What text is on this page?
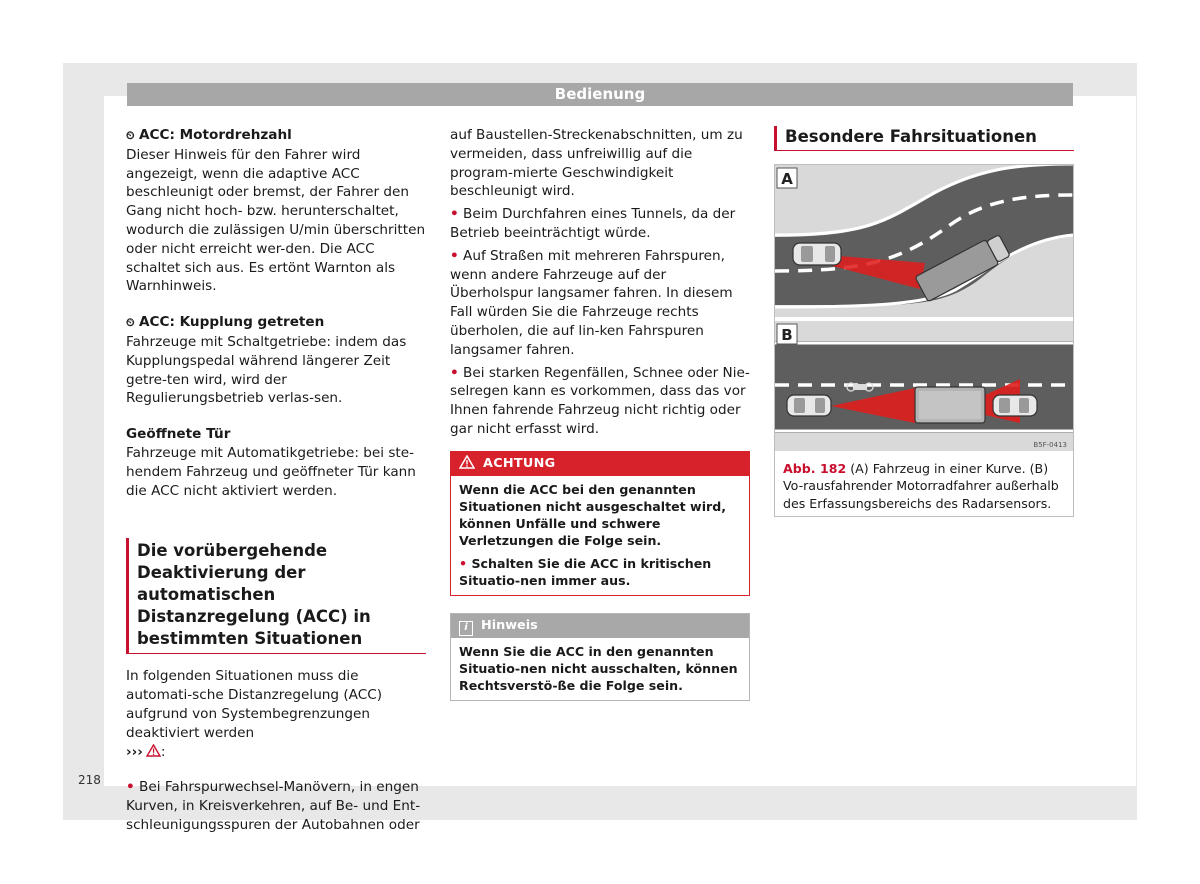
Bedienung
218

⏲ ACC: Motordrehzahl

Dieser Hinweis für den Fahrer wird angezeigt, wenn die adaptive ACC beschleunigt oder bremst, der Fahrer den Gang nicht hoch- bzw. herunterschaltet, wodurch die zulässigen U/min überschritten oder nicht erreicht wer-den. Die ACC schaltet sich aus. Es ertönt Warnton als Warnhinweis.

⏲ ACC: Kupplung getreten

Fahrzeuge mit Schaltgetriebe: indem das Kupplungspedal während längerer Zeit getre-ten wird, wird der Regulierungsbetrieb verlas-sen.

Geöffnete Tür

Fahrzeuge mit Automatikgetriebe: bei ste-hendem Fahrzeug und geöffneter Tür kann die ACC nicht aktiviert werden.

Die vorübergehende Deaktivierung der automatischen Distanzregelung (ACC) in bestimmten Situationen

In folgenden Situationen muss die automati-sche Distanzregelung (ACC) aufgrund von Systembegrenzungen deaktiviert werden
››› :

• Bei Fahrspurwechsel-Manövern, in engen Kurven, in Kreisverkehren, auf Be- und Ent-schleunigungsspuren der Autobahnen oder

auf Baustellen-Streckenabschnitten, um zu vermeiden, dass unfreiwillig auf die program-mierte Geschwindigkeit beschleunigt wird.

• Beim Durchfahren eines Tunnels, da der Betrieb beeinträchtigt würde.

• Auf Straßen mit mehreren Fahrspuren, wenn andere Fahrzeuge auf der Überholspur langsamer fahren. In diesem Fall würden Sie die Fahrzeuge rechts überholen, die auf lin-ken Fahrspuren langsamer fahren.

• Bei starken Regenfällen, Schnee oder Nie-selregen kann es vorkommen, dass das vor Ihnen fahrende Fahrzeug nicht richtig oder gar nicht erfasst wird.

ACHTUNG

Wenn die ACC bei den genannten Situationen nicht ausgeschaltet wird, können Unfälle und schwere Verletzungen die Folge sein.

• Schalten Sie die ACC in kritischen Situatio-nen immer aus.

i Hinweis
Wenn Sie die ACC in den genannten Situatio-nen nicht ausschalten, können Rechtsverstö-ße die Folge sein.
Besondere Fahrsituationen
A
B
B5F-0413
Abb. 182 (A) Fahrzeug in einer Kurve. (B) Vo-rausfahrender Motorradfahrer außerhalb des Erfassungsbereichs des Radarsensors.
